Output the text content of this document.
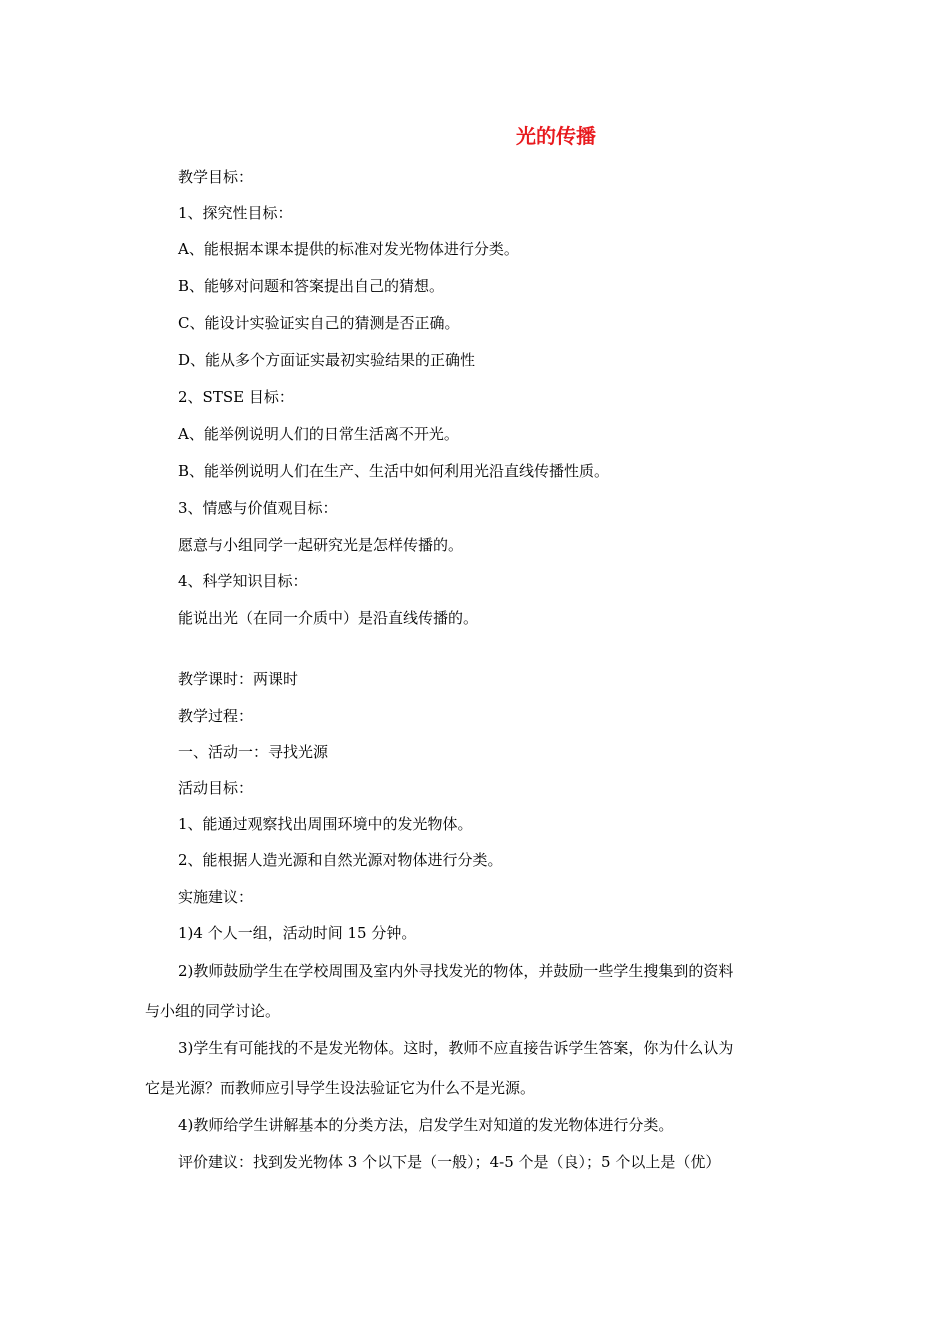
光的传播
教学目标：
1、探究性目标：
A、能根据本课本提供的标准对发光物体进行分类。
B、能够对问题和答案提出自己的猜想。
C、能设计实验证实自己的猜测是否正确。
D、能从多个方面证实最初实验结果的正确性
2、STSE 目标：
A、能举例说明人们的日常生活离不开光。
B、能举例说明人们在生产、生活中如何利用光沿直线传播性质。
3、情感与价值观目标：
愿意与小组同学一起研究光是怎样传播的。
4、科学知识目标：
能说出光（在同一介质中）是沿直线传播的。
教学课时：两课时
教学过程：
一、活动一：寻找光源
活动目标：
1、能通过观察找出周围环境中的发光物体。
2、能根据人造光源和自然光源对物体进行分类。
实施建议：
1)4 个人一组，活动时间 15 分钟。
2)教师鼓励学生在学校周围及室内外寻找发光的物体，并鼓励一些学生搜集到的资料
与小组的同学讨论。
3)学生有可能找的不是发光物体。这时，教师不应直接告诉学生答案，你为什么认为
它是光源？而教师应引导学生设法验证它为什么不是光源。
4)教师给学生讲解基本的分类方法，启发学生对知道的发光物体进行分类。
评价建议：找到发光物体 3 个以下是（一般）；4-5 个是（良）；5 个以上是（优）
